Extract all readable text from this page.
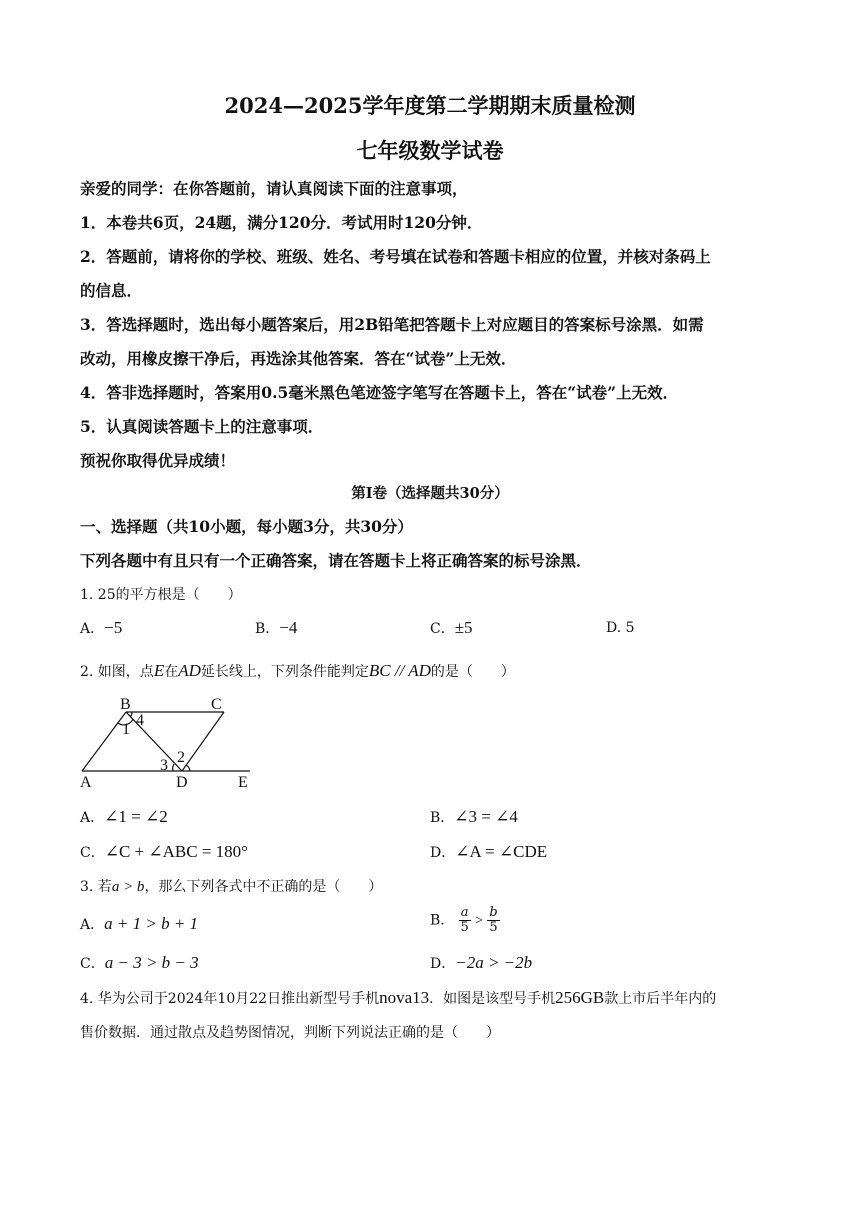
2024—2025学年度第二学期期末质量检测
七年级数学试卷
亲爱的同学：在你答题前，请认真阅读下面的注意事项，
1．本卷共6页，24题，满分120分．考试用时120分钟．
2．答题前，请将你的学校、班级、姓名、考号填在试卷和答题卡相应的位置，并核对条码上
的信息．
3．答选择题时，选出每小题答案后，用2B铅笔把答题卡上对应题目的答案标号涂黑．如需
改动，用橡皮擦干净后，再选涂其他答案．答在“试卷”上无效．
4．答非选择题时，答案用0.5毫米黑色笔迹签字笔写在答题卡上，答在“试卷”上无效．
5．认真阅读答题卡上的注意事项．
预祝你取得优异成绩！
第I卷（选择题共30分）
一、选择题（共10小题，每小题3分，共30分）
下列各题中有且只有一个正确答案，请在答题卡上将正确答案的标号涂黑．
1. 25的平方根是（　　）
A．−5	B．−4	C．±5	D. 5
2. 如图，点E在AD延长线上，下列条件能判定BC // AD的是（　　）
B	C
A	D	E
1
2
3
4
A．∠1 = ∠2	B．∠3 = ∠4
C．∠C + ∠ABC = 180°	D．∠A = ∠CDE
3. 若a > b，那么下列各式中不正确的是（　　）
A．a + 1 > b + 1	B． $\frac{a}{5} > \frac{b}{5}$
C．a − 3 > b − 3	D．−2a > −2b
4. 华为公司于2024年10月22日推出新型号手机nova13．如图是该型号手机256GB款上市后半年内的
售价数据．通过散点及趋势图情况，判断下列说法正确的是（　　）
